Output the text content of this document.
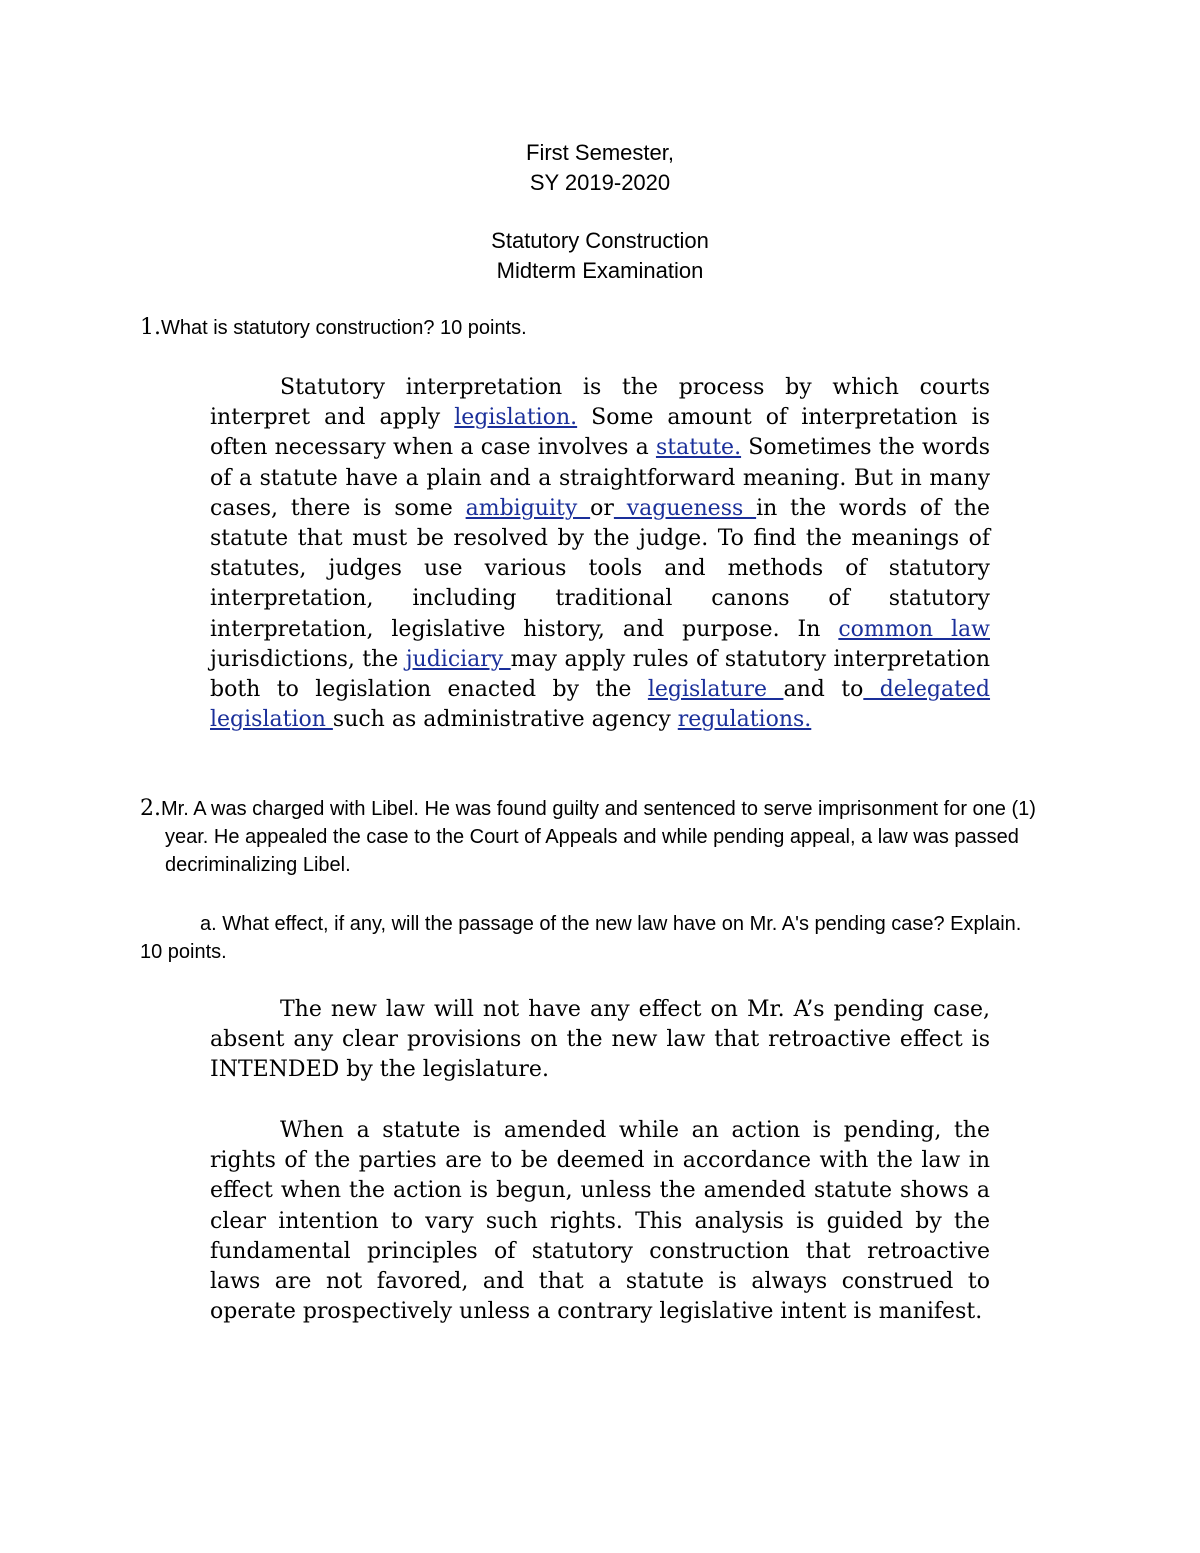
First Semester,
SY 2019-2020
Statutory Construction
Midterm Examination
1.What is statutory construction? 10 points.
Statutory interpretation is the process by which courts interpret and apply legislation. Some amount of interpretation is often necessary when a case involves a statute. Sometimes the words of a statute have a plain and a straightforward meaning. But in many cases, there is some ambiguity or vagueness in the words of the statute that must be resolved by the judge. To find the meanings of statutes, judges use various tools and methods of statutory interpretation, including traditional canons of statutory interpretation, legislative history, and purpose. In common law jurisdictions, the judiciary may apply rules of statutory interpretation both to legislation enacted by the legislature and to delegated legislation such as administrative agency regulations.
2.Mr. A was charged with Libel. He was found guilty and sentenced to serve imprisonment for one (1) year. He appealed the case to the Court of Appeals and while pending appeal, a law was passed decriminalizing Libel.
a. What effect, if any, will the passage of the new law have on Mr. A's pending case? Explain. 10 points.
The new law will not have any effect on Mr. A’s pending case, absent any clear provisions on the new law that retroactive effect is INTENDED by the legislature.
When a statute is amended while an action is pending, the rights of the parties are to be deemed in accordance with the law in effect when the action is begun, unless the amended statute shows a clear intention to vary such rights. This analysis is guided by the fundamental principles of statutory construction that retroactive laws are not favored, and that a statute is always construed to operate prospectively unless a contrary legislative intent is manifest.
